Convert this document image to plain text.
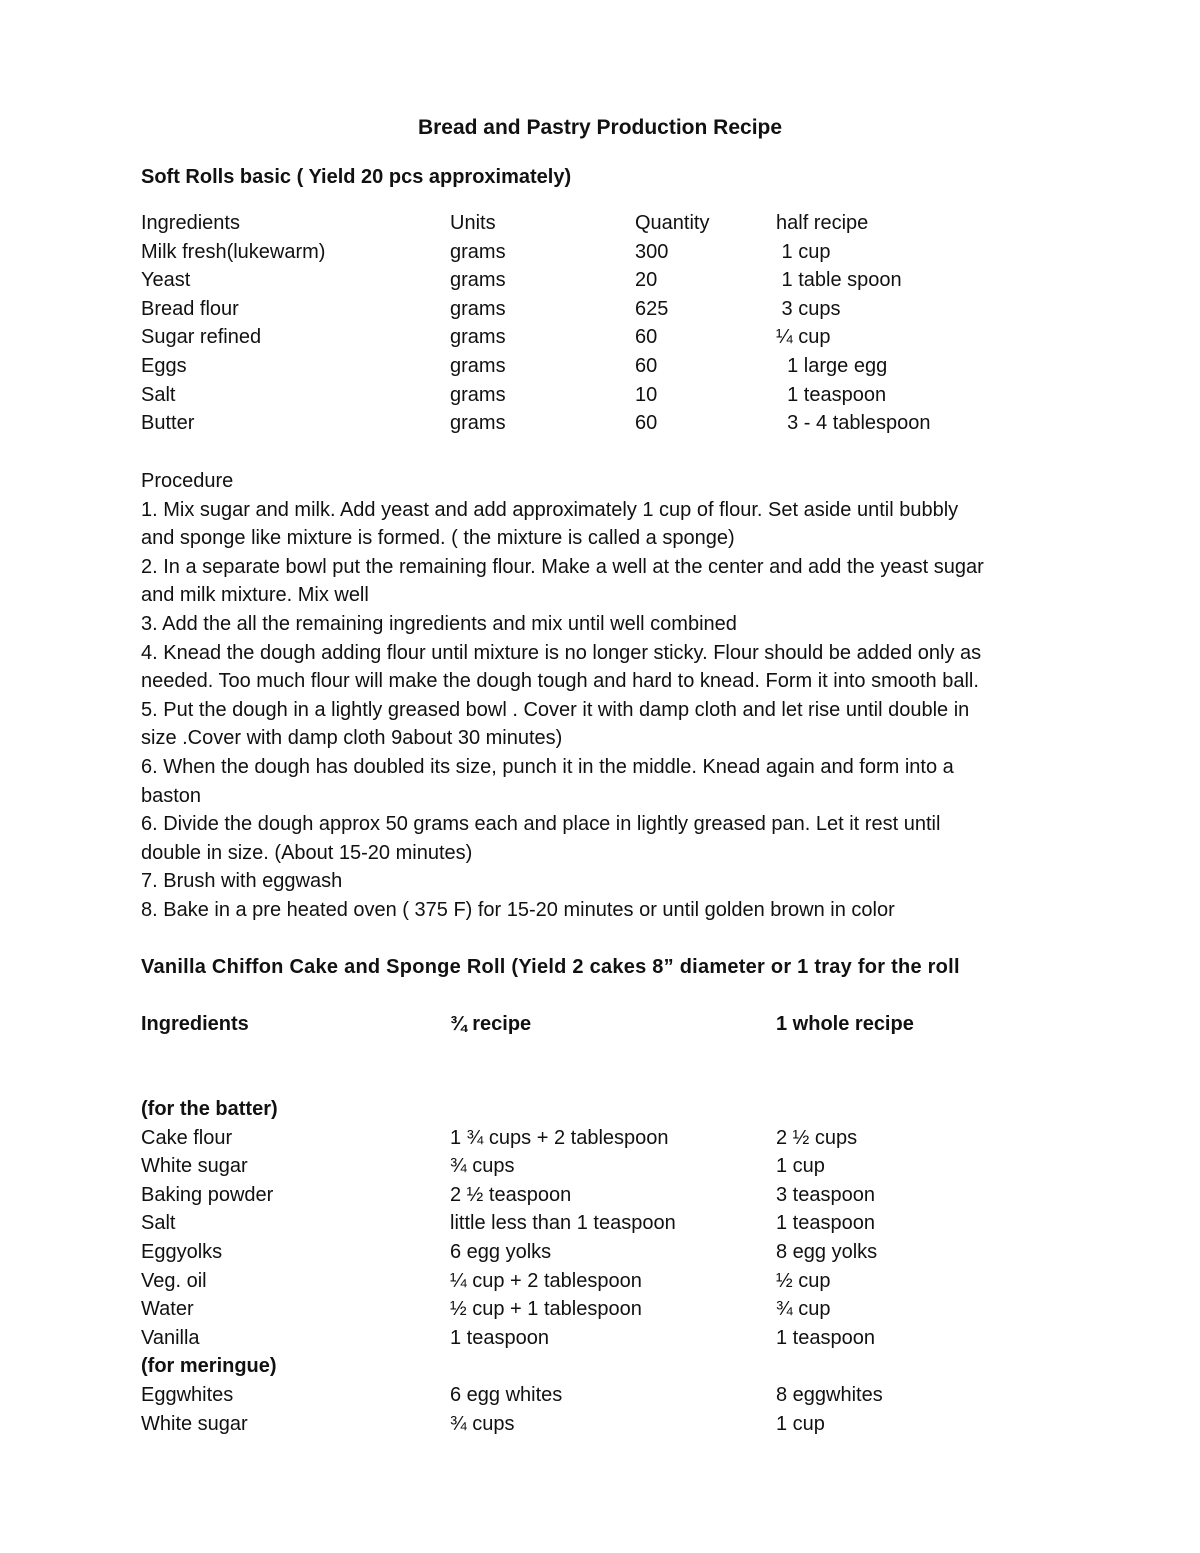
Bread and Pastry Production Recipe
Soft Rolls basic ( Yield 20 pcs approximately)
Ingredients	Units	Quantity	half recipe
Milk fresh(lukewarm)	grams	300	1 cup
Yeast	grams	20	1 table spoon
Bread flour	grams	625	3 cups
Sugar refined	grams	60	¼ cup
Eggs	grams	60	1 large egg
Salt	grams	10	1 teaspoon
Butter	grams	60	3 - 4 tablespoon
Procedure
1. Mix sugar and milk. Add yeast and add approximately 1 cup of flour. Set aside until bubbly
and sponge like mixture is formed. ( the mixture is called a sponge)
2. In a separate bowl put the remaining flour. Make a well at the center and add the yeast sugar
and milk mixture. Mix well
3. Add the all the remaining ingredients and mix until well combined
4. Knead the dough adding flour until mixture is no longer sticky. Flour should be added only as
needed. Too much flour will make the dough tough and hard to knead. Form it into smooth ball.
5. Put the dough in a lightly greased bowl . Cover it with damp cloth and let rise until double in
size .Cover with damp cloth 9about 30 minutes)
6. When the dough has doubled its size, punch it in the middle. Knead again and form into a
baston
6. Divide the dough approx 50 grams each and place in lightly greased pan. Let it rest until
double in size. (About 15-20 minutes)
7. Brush with eggwash
8. Bake in a pre heated oven ( 375 F) for 15-20 minutes or until golden brown in color
Vanilla Chiffon Cake and Sponge Roll (Yield 2 cakes 8” diameter or 1 tray for the roll
Ingredients	¾ recipe	1 whole recipe
(for the batter)		
Cake flour	1 ¾ cups + 2 tablespoon	2 ½ cups
White sugar	¾ cups	1 cup
Baking powder	2 ½ teaspoon	3 teaspoon
Salt	little less than 1 teaspoon	1 teaspoon
Eggyolks	6 egg yolks	8 egg yolks
Veg. oil	¼ cup + 2 tablespoon	½ cup
Water	½ cup + 1 tablespoon	¾ cup
Vanilla	1 teaspoon	1 teaspoon
(for meringue)		
Eggwhites	6 egg whites	8 eggwhites
White sugar	¾ cups	1 cup
